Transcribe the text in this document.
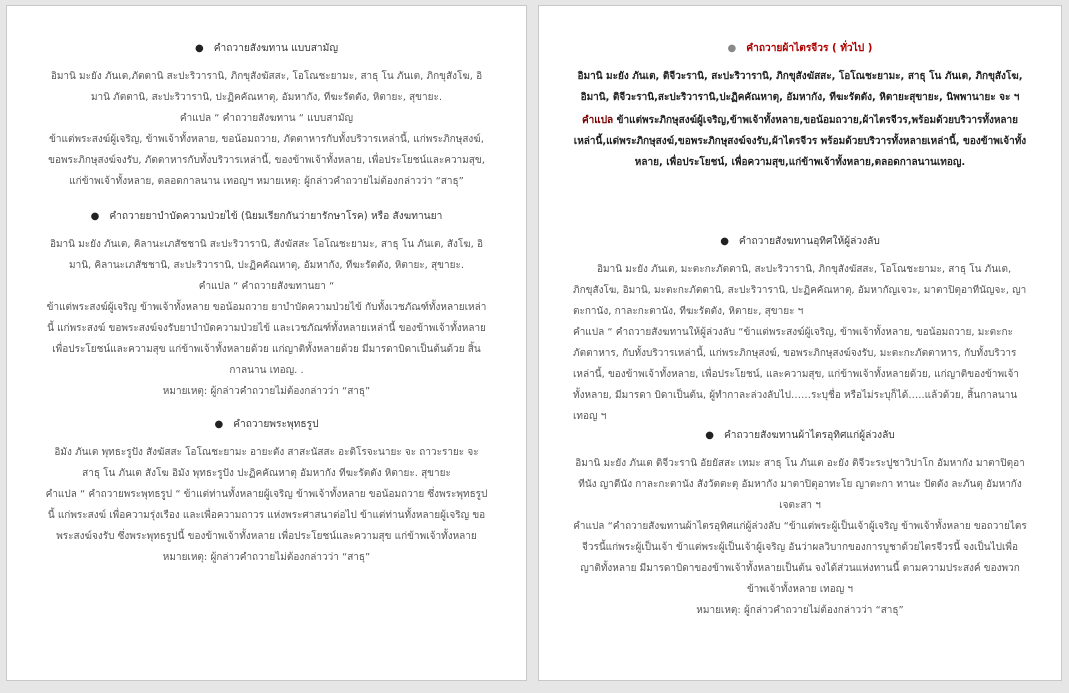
● คำถวายสังฆทาน แบบสามัญ

อิมานิ มะยัง ภันเต,ภัตตานิ สะปะริวารานิ, ภิกขุสังฆัสสะ, โอโณชะยามะ, สาธุ โน ภันเต, ภิกขุสังโฆ, อิมานิ ภัตตานิ, สะปะริวารานิ, ปะฏิคคัณหาตุ, อัมหากัง, ทีฆะรัตตัง, หิตายะ, สุขายะ.

คำแปล “ คำถวายสังฆทาน “ แบบสามัญ

ข้าแต่พระสงฆ์ผู้เจริญ, ข้าพเจ้าทั้งหลาย, ขอน้อมถวาย, ภัตตาหารกับทั้งบริวารเหล่านี้, แก่พระภิกษุสงฆ์, ขอพระภิกษุสงฆ์จงรับ, ภัตตาหารกับทั้งบริวารเหล่านี้, ของข้าพเจ้าทั้งหลาย, เพื่อประโยชน์และความสุข, แก่ข้าพเจ้าทั้งหลาย, ตลอดกาลนาน เทอญฯ หมายเหตุ: ผู้กล่าวคำถวายไม่ต้องกล่าวว่า “สาธุ”

● คำถวายยาบำบัดความป่วยไข้ (นิยมเรียกกันว่ายารักษาโรค) หรือ สังฆทานยา

อิมานิ มะยัง ภันเต, คิลานะเภสัชชานิ สะปะริวารานิ, สังฆัสสะ โอโณชะยามะ, สาธุ โน ภันเต, สังโฆ, อิมานิ, คิลานะเภสัชชานิ, สะปะริวารานิ, ปะฏิคคัณหาตุ, อัมหากัง, ทีฆะรัตตัง, หิตายะ, สุขายะ.

คำแปล “ คำถวายสังฆทานยา “

ข้าแต่พระสงฆ์ผู้เจริญ ข้าพเจ้าทั้งหลาย ขอน้อมถวาย ยาบำบัดความป่วยไข้ กับทั้งเวชภัณฑ์ทั้งหลายเหล่านี้ แก่พระสงฆ์ ขอพระสงฆ์จงรับยาบำบัดความป่วยไข้ และเวชภัณฑ์ทั้งหลายเหล่านี้ ของข้าพเจ้าทั้งหลายเพื่อประโยชน์และความสุข แก่ข้าพเจ้าทั้งหลายด้วย แก่ญาติทั้งหลายด้วย มีมารดาบิดาเป็นต้นด้วย สิ้นกาลนาน เทอญ. .

หมายเหตุ: ผู้กล่าวคำถวายไม่ต้องกล่าวว่า “สาธุ”

● คำถวายพระพุทธรูป

อิมัง ภันเต พุทธะรูปัง สังฆัสสะ โอโณชะยามะ อายะตัง สาสะนัสสะ อะติโรจะนายะ จะ ถาวะรายะ จะ สาธุ โน ภันเต สังโฆ อิมัง พุทธะรูปัง ปะฏิคคัณหาตุ อัมหากัง ทีฆะรัตตัง หิตายะ. สุขายะ

คำแปล “ คำถวายพระพุทธรูป “ ข้าแต่ท่านทั้งหลายผู้เจริญ ข้าพเจ้าทั้งหลาย ขอน้อมถวาย ซึ่งพระพุทธรูปนี้ แก่พระสงฆ์ เพื่อความรุ่งเรือง และเพื่อความถาวร แห่งพระศาสนาต่อไป ข้าแต่ท่านทั้งหลายผู้เจริญ ขอพระสงฆ์จงรับ ซึ่งพระพุทธรูปนี้ ของข้าพเจ้าทั้งหลาย เพื่อประโยชน์และความสุข แก่ข้าพเจ้าทั้งหลาย

หมายเหตุ: ผู้กล่าวคำถวายไม่ต้องกล่าวว่า “สาธุ”

● คำถวายผ้าไตรจีวร ( ทั่วไป )

อิมานิ มะยัง ภันเต, ติจีวะรานิ, สะปะริวารานิ, ภิกขุสังฆัสสะ, โอโณชะยามะ, สาธุ โน ภันเต, ภิกขุสังโฆ, อิมานิ, ติจีวะรานิ,สะปะริวารานิ,ปะฏิคคัณหาตุ, อัมหากัง, ทีฆะรัตตัง, หิตายะสุขายะ, นิพพานายะ จะ ฯ

คำแปล ข้าแต่พระภิกษุสงฆ์ผู้เจริญ,ข้าพเจ้าทั้งหลาย,ขอน้อมถวาย,ผ้าไตรจีวร,พร้อมด้วยบริวารทั้งหลายเหล่านี้,แด่พระภิกษุสงฆ์,ขอพระภิกษุสงฆ์จงรับ,ผ้าไตรจีวร พร้อมด้วยบริวารทั้งหลายเหล่านี้, ของข้าพเจ้าทั้งหลาย, เพื่อประโยชน์, เพื่อความสุข,แก่ข้าพเจ้าทั้งหลาย,ตลอดกาลนานเทอญ.

● คำถวายสังฆทานอุทิศให้ผู้ล่วงลับ

อิมานิ มะยัง ภันเต, มะตะกะภัตตานิ, สะปะริวารานิ, ภิกขุสังฆัสสะ, โอโณชะยามะ, สาธุ โน ภันเต, ภิกขุสังโฆ, อิมานิ, มะตะกะภัตตานิ, สะปะริวารานิ, ปะฏิคคัณหาตุ, อัมหากัญเจวะ, มาตาปิตุอาทีนัญจะ, ญาตะกานัง, กาละกะตานัง, ทีฆะรัตตัง, หิตายะ, สุขายะ ฯ

คำแปล “ คำถวายสังฆทานให้ผู้ล่วงลับ “ข้าแต่พระสงฆ์ผู้เจริญ, ข้าพเจ้าทั้งหลาย, ขอน้อมถวาย, มะตะกะภัตตาหาร, กับทั้งบริวารเหล่านี้, แก่พระภิกษุสงฆ์, ขอพระภิกษุสงฆ์จงรับ, มะตะกะภัตตาหาร, กับทั้งบริวารเหล่านี้, ของข้าพเจ้าทั้งหลาย, เพื่อประโยชน์, และความสุข, แก่ข้าพเจ้าทั้งหลายด้วย, แก่ญาติของข้าพเจ้าทั้งหลาย, มีมารดา บิดาเป็นต้น, ผู้ทำกาละล่วงลับไป……ระบุชื่อ หรือไม่ระบุก็ได้…..แล้วด้วย, สิ้นกาลนานเทอญ ฯ

● คำถวายสังฆทานผ้าไตรอุทิศแก่ผู้ล่วงลับ

อิมานิ มะยัง ภันเต ติจีวะรานิ อัยยัสสะ เทมะ สาธุ โน ภันเต อะยัง ติจีวะระปูชาวิปาโก อัมหากัง มาตาปิตุอาทีนัง ญาตีนัง กาละกะตานัง สังวัตตะตุ อัมหากัง มาตาปิตุอาทะโย ญาตะกา ทานะ ปัตตัง ละภันตุ อัมหากัง เจตะสา ฯ

คำแปล “คำถวายสังฆทานผ้าไตรอุทิศแก่ผู้ล่วงลับ “ข้าแต่พระผู้เป็นเจ้าผู้เจริญ ข้าพเจ้าทั้งหลาย ขอถวายไตรจีวรนี้แก่พระผู้เป็นเจ้า ข้าแต่พระผู้เป็นเจ้าผู้เจริญ อันว่าผลวิบากของการบูชาด้วยไตรจีวรนี้ จงเป็นไปเพื่อญาติทั้งหลาย มีมารดาบิดาของข้าพเจ้าทั้งหลายเป็นต้น จงได้ส่วนแห่งทานนี้ ตามความประสงค์ ของพวกข้าพเจ้าทั้งหลาย เทอญ ฯ

หมายเหตุ: ผู้กล่าวคำถวายไม่ต้องกล่าวว่า “สาธุ”
